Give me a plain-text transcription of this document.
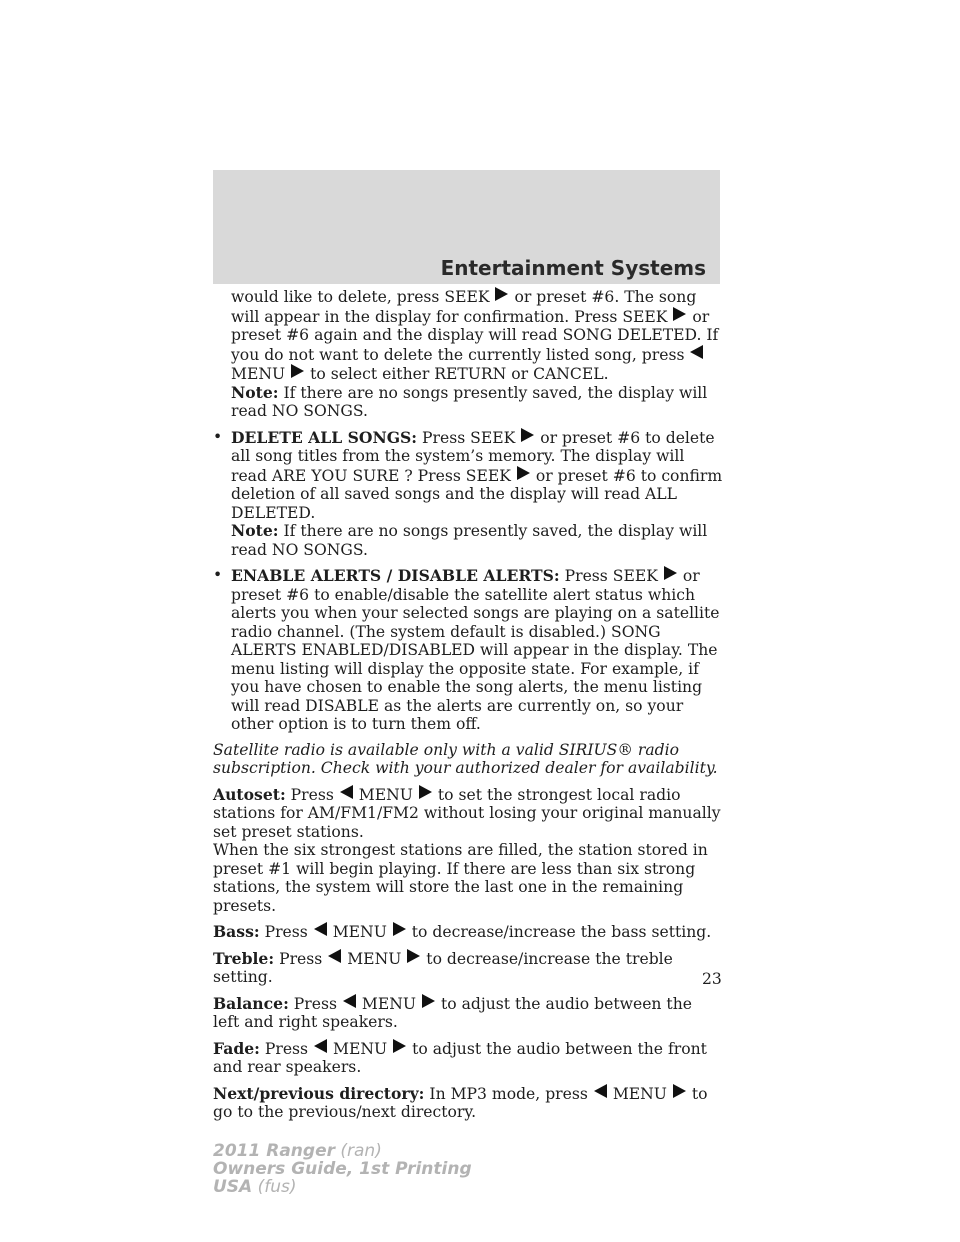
Entertainment Systems

would like to delete, press SEEK or preset #6. The song will appear in the display for confirmation. Press SEEK or preset #6 again and the display will read SONG DELETED. If you do not want to delete the currently listed song, press  MENU to select either RETURN or CANCEL.

Note: If there are no songs presently saved, the display will read NO SONGS.

• DELETE ALL SONGS: Press SEEK or preset #6 to delete all song titles from the system’s memory. The display will read ARE YOU SURE ? Press SEEK or preset #6 to confirm deletion of all saved songs and the display will read ALL DELETED.

Note: If there are no songs presently saved, the display will read NO SONGS.

• ENABLE ALERTS / DISABLE ALERTS: Press SEEK or preset #6 to enable/disable the satellite alert status which alerts you when your selected songs are playing on a satellite radio channel. (The system default is disabled.) SONG ALERTS ENABLED/DISABLED will appear in the display. The menu listing will display the opposite state. For example, if you have chosen to enable the song alerts, the menu listing will read DISABLE as the alerts are currently on, so your other option is to turn them off.

Satellite radio is available only with a valid SIRIUS® radio subscription. Check with your authorized dealer for availability.

Autoset: Press MENU to set the strongest local radio stations for AM/FM1/FM2 without losing your original manually set preset stations.

When the six strongest stations are filled, the station stored in preset #1 will begin playing. If there are less than six strong stations, the system will store the last one in the remaining presets.

Bass: Press MENU to decrease/increase the bass setting.

Treble: Press MENU to decrease/increase the treble setting.

Balance: Press MENU to adjust the audio between the left and right speakers.

Fade: Press MENU to adjust the audio between the front and rear speakers.

Next/previous directory: In MP3 mode, press MENU to go to the previous/next directory.

23
2011 Ranger (ran)
Owners Guide, 1st Printing
USA (fus)
